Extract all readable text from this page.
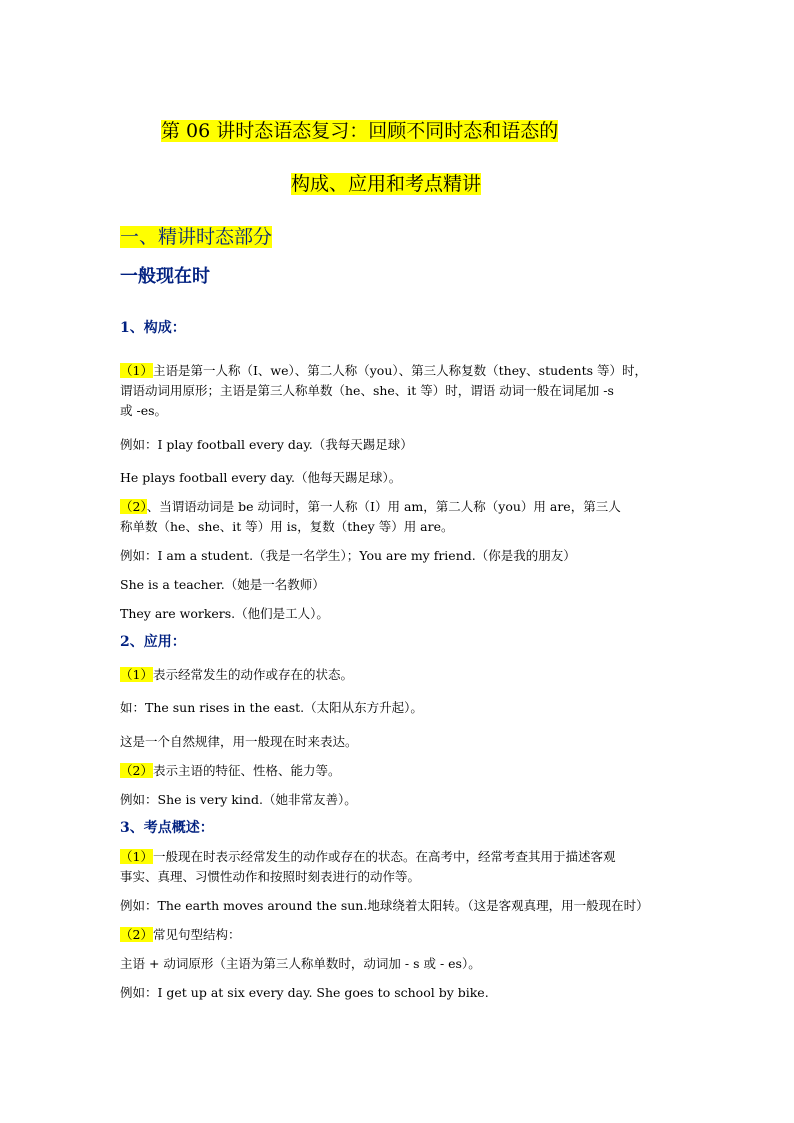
第 06 讲时态语态复习：回顾不同时态和语态的
构成、应用和考点精讲
一、精讲时态部分
一般现在时
1、构成：
（1）主语是第一人称（I、we）、第二人称（you）、第三人称复数（they、students 等）时，
谓语动词用原形；主语是第三人称单数（he、she、it 等）时，谓语 动词一般在词尾加 -s
或 -es。
例如：I play football every day.（我每天踢足球）
He plays football every day.（他每天踢足球）。
（2）、当谓语动词是 be 动词时，第一人称（I）用 am，第二人称（you）用 are，第三人
称单数（he、she、it 等）用 is，复数（they 等）用 are。
例如：I am a student.（我是一名学生）；You are my friend.（你是我的朋友）
She is a teacher.（她是一名教师）
They are workers.（他们是工人）。
2、应用：
（1）表示经常发生的动作或存在的状态。
如：The sun rises in the east.（太阳从东方升起）。
这是一个自然规律，用一般现在时来表达。
（2）表示主语的特征、性格、能力等。
例如：She is very kind.（她非常友善）。
3、考点概述：
（1）一般现在时表示经常发生的动作或存在的状态。在高考中，经常考查其用于描述客观
事实、真理、习惯性动作和按照时刻表进行的动作等。
例如：The earth moves around the sun.地球绕着太阳转。（这是客观真理，用一般现在时）
（2）常见句型结构：
主语 + 动词原形（主语为第三人称单数时，动词加 - s 或 - es）。
例如：I get up at six every day. She goes to school by bike.
